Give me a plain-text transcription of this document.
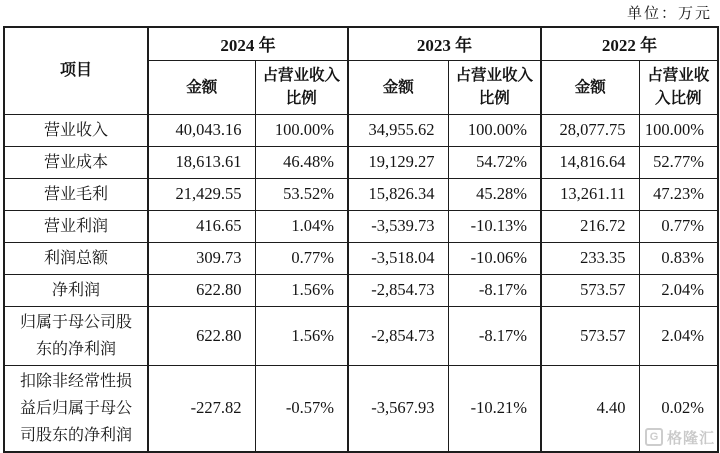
单位：万元
项目	2024 年		2023 年		2022 年	
	金额	占营业收入比例	金额	占营业收入比例	金额	占营业收入比例
营业收入	40,043.16	100.00%	34,955.62	100.00%	28,077.75	100.00%
营业成本	18,613.61	46.48%	19,129.27	54.72%	14,816.64	52.77%
营业毛利	21,429.55	53.52%	15,826.34	45.28%	13,261.11	47.23%
营业利润	416.65	1.04%	-3,539.73	-10.13%	216.72	0.77%
利润总额	309.73	0.77%	-3,518.04	-10.06%	233.35	0.83%
净利润	622.80	1.56%	-2,854.73	-8.17%	573.57	2.04%
归属于母公司股东的净利润	622.80	1.56%	-2,854.73	-8.17%	573.57	2.04%
扣除非经常性损益后归属于母公司股东的净利润	-227.82	-0.57%	-3,567.93	-10.21%	4.40	0.02%
G 格隆汇
